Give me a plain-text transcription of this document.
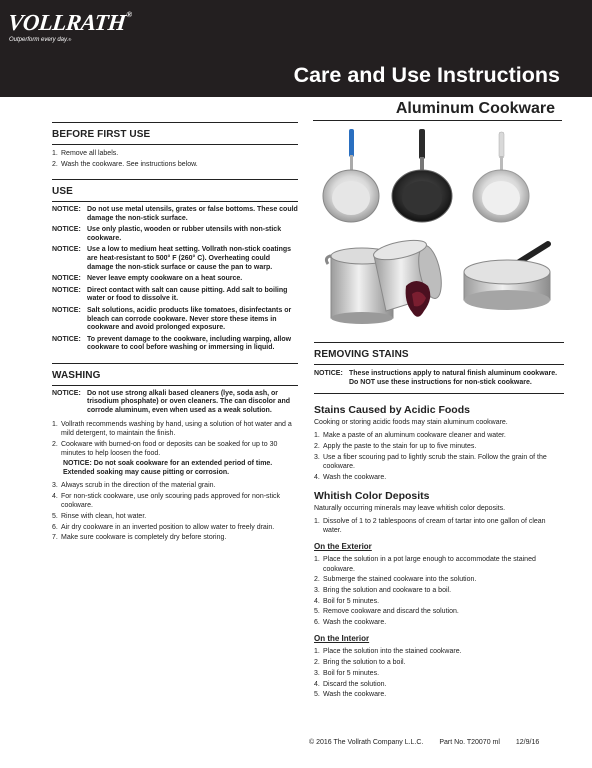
VOLLRATH®
Outperform every day.®
Care and Use Instructions
Aluminum Cookware
BEFORE FIRST USE
1. Remove all labels.
2. Wash the cookware. See instructions below.
USE
NOTICE: Do not use metal utensils, grates or false bottoms. These could damage the non-stick surface.
NOTICE: Use only plastic, wooden or rubber utensils with non-stick cookware.
NOTICE: Use a low to medium heat setting. Vollrath non-stick coatings are heat-resistant to 500° F (260° C). Overheating could damage the non-stick surface or cause the pan to warp.
NOTICE: Never leave empty cookware on a heat source.
NOTICE: Direct contact with salt can cause pitting. Add salt to boiling water or food to dissolve it.
NOTICE: Salt solutions, acidic products like tomatoes, disinfectants or bleach can corrode cookware. Never store these items in cookware and avoid prolonged exposure.
NOTICE: To prevent damage to the cookware, including warping, allow cookware to cool before washing or immersing in liquid.
WASHING
NOTICE: Do not use strong alkali based cleaners (lye, soda ash, or trisodium phosphate) or oven cleaners. The can discolor and corrode aluminum, even when used as a weak solution.
1. Vollrath recommends washing by hand, using a solution of hot water and a mild detergent, to maintain the finish.
2. Cookware with burned-on food or deposits can be soaked for up to 30 minutes to help loosen the food.
NOTICE: Do not soak cookware for an extended period of time. Extended soaking may cause pitting or corrosion.
3. Always scrub in the direction of the material grain.
4. For non-stick cookware, use only scouring pads approved for non-stick cookware.
5. Rinse with clean, hot water.
6. Air dry cookware in an inverted position to allow water to freely drain.
7. Make sure cookware is completely dry before storing.
REMOVING STAINS
NOTICE: These instructions apply to natural finish aluminum cookware. Do NOT use these instructions for non-stick cookware.
Stains Caused by Acidic Foods
Cooking or storing acidic foods may stain aluminum cookware.
1. Make a paste of an aluminum cookware cleaner and water.
2. Apply the paste to the stain for up to five minutes.
3. Use a fiber scouring pad to lightly scrub the stain. Follow the grain of the cookware.
4. Wash the cookware.
Whitish Color Deposits
Naturally occurring minerals may leave whitish color deposits.
1. Dissolve of 1 to 2 tablespoons of cream of tartar into one gallon of clean water.
On the Exterior
1. Place the solution in a pot large enough to accommodate the stained cookware.
2. Submerge the stained cookware into the solution.
3. Bring the solution and cookware to a boil.
4. Boil for 5 minutes.
5. Remove cookware and discard the solution.
6. Wash the cookware.
On the Interior
1. Place the solution into the stained cookware.
2. Bring the solution to a boil.
3. Boil for 5 minutes.
4. Discard the solution.
5. Wash the cookware.
© 2016 The Vollrath Company L.L.C. Part No. T20070 ml 12/9/16
